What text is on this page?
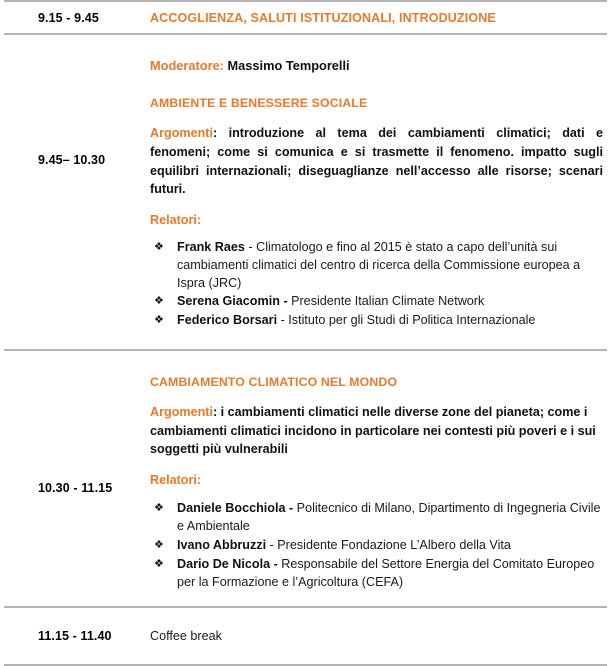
9.15 - 9.45	ACCOGLIENZA, SALUTI ISTITUZIONALI, INTRODUZIONE
9.45– 10.30

Moderatore: Massimo Temporelli

AMBIENTE E BENESSERE SOCIALE

Argomenti: introduzione al tema dei cambiamenti climatici; dati e fenomeni; come si comunica e si trasmette il fenomeno. impatto sugli equilibri internazionali; diseguaglianze nell’accesso alle risorse; scenari futuri.

Relatori:

❖ Frank Raes - Climatologo e fino al 2015 è stato a capo dell’unità sui cambiamenti climatici del centro di ricerca della Commissione europea a Ispra (JRC)
❖ Serena Giacomin - Presidente Italian Climate Network
❖ Federico Borsari - Istituto per gli Studi di Politica Internazionale
10.30 - 11.15

CAMBIAMENTO CLIMATICO NEL MONDO

Argomenti: i cambiamenti climatici nelle diverse zone del pianeta; come i cambiamenti climatici incidono in particolare nei contesti più poveri e i sui soggetti più vulnerabili

Relatori:

❖ Daniele Bocchiola - Politecnico di Milano, Dipartimento di Ingegneria Civile e Ambientale
❖ Ivano Abbruzzi - Presidente Fondazione L’Albero della Vita
❖ Dario De Nicola - Responsabile del Settore Energia del Comitato Europeo per la Formazione e l’Agricoltura (CEFA)
11.15 - 11.40	Coffee break
